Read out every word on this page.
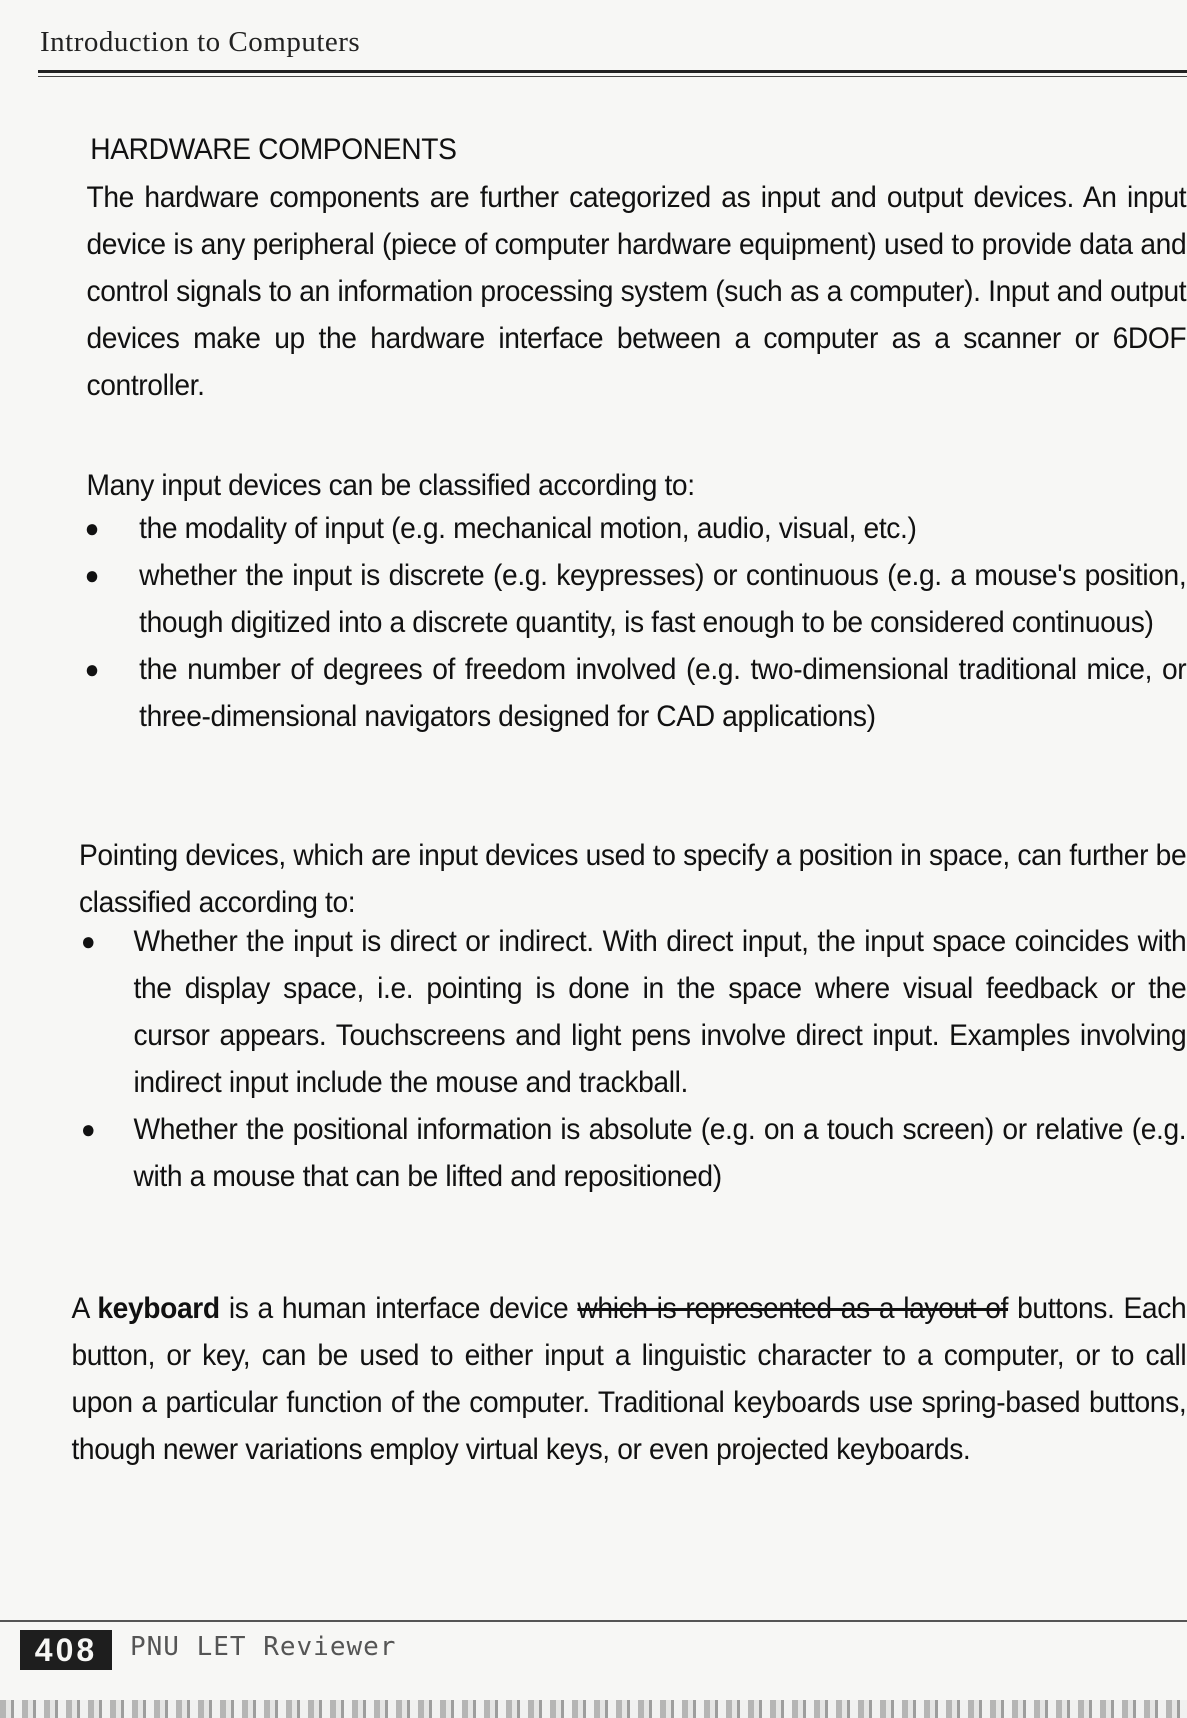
Introduction to Computers
HARDWARE COMPONENTS
The hardware components are further categorized as input and output devices. An input device is any peripheral (piece of computer hardware equipment) used to provide data and control signals to an information processing system (such as a computer). Input and output devices make up the hardware interface between a computer as a scanner or 6DOF controller.
Many input devices can be classified according to:
● the modality of input (e.g. mechanical motion, audio, visual, etc.)
● whether the input is discrete (e.g. keypresses) or continuous (e.g. a mouse's position, though digitized into a discrete quantity, is fast enough to be considered continuous)
● the number of degrees of freedom involved (e.g. two-dimensional traditional mice, or three-dimensional navigators designed for CAD applications)
Pointing devices, which are input devices used to specify a position in space, can further be classified according to:
● Whether the input is direct or indirect. With direct input, the input space coincides with the display space, i.e. pointing is done in the space where visual feedback or the cursor appears. Touchscreens and light pens involve direct input. Examples involving indirect input include the mouse and trackball.
● Whether the positional information is absolute (e.g. on a touch screen) or relative (e.g. with a mouse that can be lifted and repositioned)
A keyboard is a human interface device which is represented as a layout of buttons. Each button, or key, can be used to either input a linguistic character to a computer, or to call upon a particular function of the computer. Traditional keyboards use spring-based buttons, though newer variations employ virtual keys, or even projected keyboards.
408	PNU LET Reviewer
